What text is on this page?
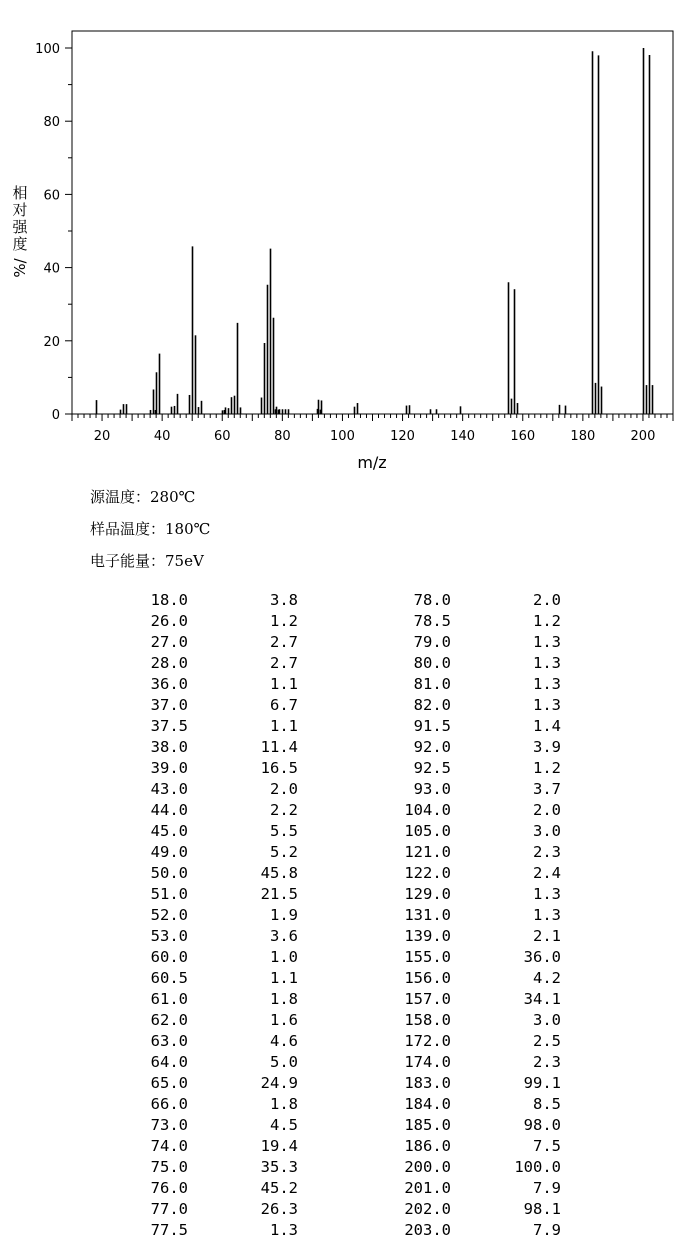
20	40	60	80	100	120	140	160	180	200
0
20
40
60
80
100
m/z
相
对
强
度
%/
源温度：280℃
样品温度：180℃
电子能量：75eV
18.0	3.8	78.0	2.0
26.0	1.2	78.5	1.2
27.0	2.7	79.0	1.3
28.0	2.7	80.0	1.3
36.0	1.1	81.0	1.3
37.0	6.7	82.0	1.3
37.5	1.1	91.5	1.4
38.0	11.4	92.0	3.9
39.0	16.5	92.5	1.2
43.0	2.0	93.0	3.7
44.0	2.2	104.0	2.0
45.0	5.5	105.0	3.0
49.0	5.2	121.0	2.3
50.0	45.8	122.0	2.4
51.0	21.5	129.0	1.3
52.0	1.9	131.0	1.3
53.0	3.6	139.0	2.1
60.0	1.0	155.0	36.0
60.5	1.1	156.0	4.2
61.0	1.8	157.0	34.1
62.0	1.6	158.0	3.0
63.0	4.6	172.0	2.5
64.0	5.0	174.0	2.3
65.0	24.9	183.0	99.1
66.0	1.8	184.0	8.5
73.0	4.5	185.0	98.0
74.0	19.4	186.0	7.5
75.0	35.3	200.0	100.0
76.0	45.2	201.0	7.9
77.0	26.3	202.0	98.1
77.5	1.3	203.0	7.9
